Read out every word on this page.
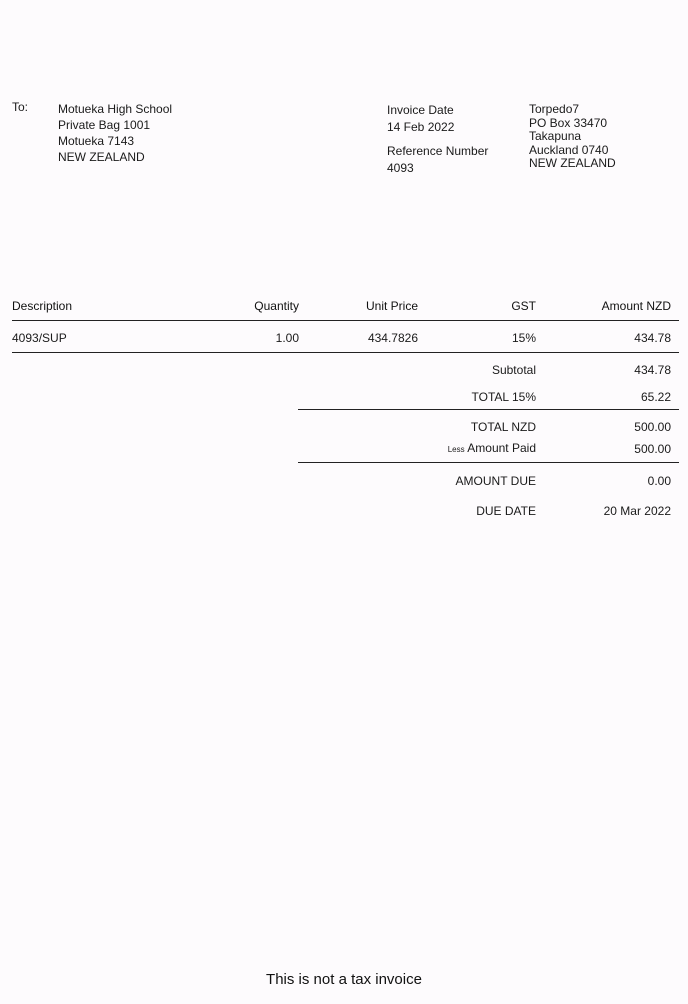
To: Motueka High School
Private Bag 1001
Motueka 7143
NEW ZEALAND
Invoice Date
14 Feb 2022
Reference Number
4093
Torpedo7
PO Box 33470
Takapuna
Auckland 0740
NEW ZEALAND
Description	Quantity	Unit Price	GST	Amount NZD
4093/SUP	1.00	434.7826	15%	434.78
Subtotal	434.78
TOTAL 15%	65.22
TOTAL NZD	500.00
Less Amount Paid	500.00
AMOUNT DUE	0.00
DUE DATE	20 Mar 2022
This is not a tax invoice
